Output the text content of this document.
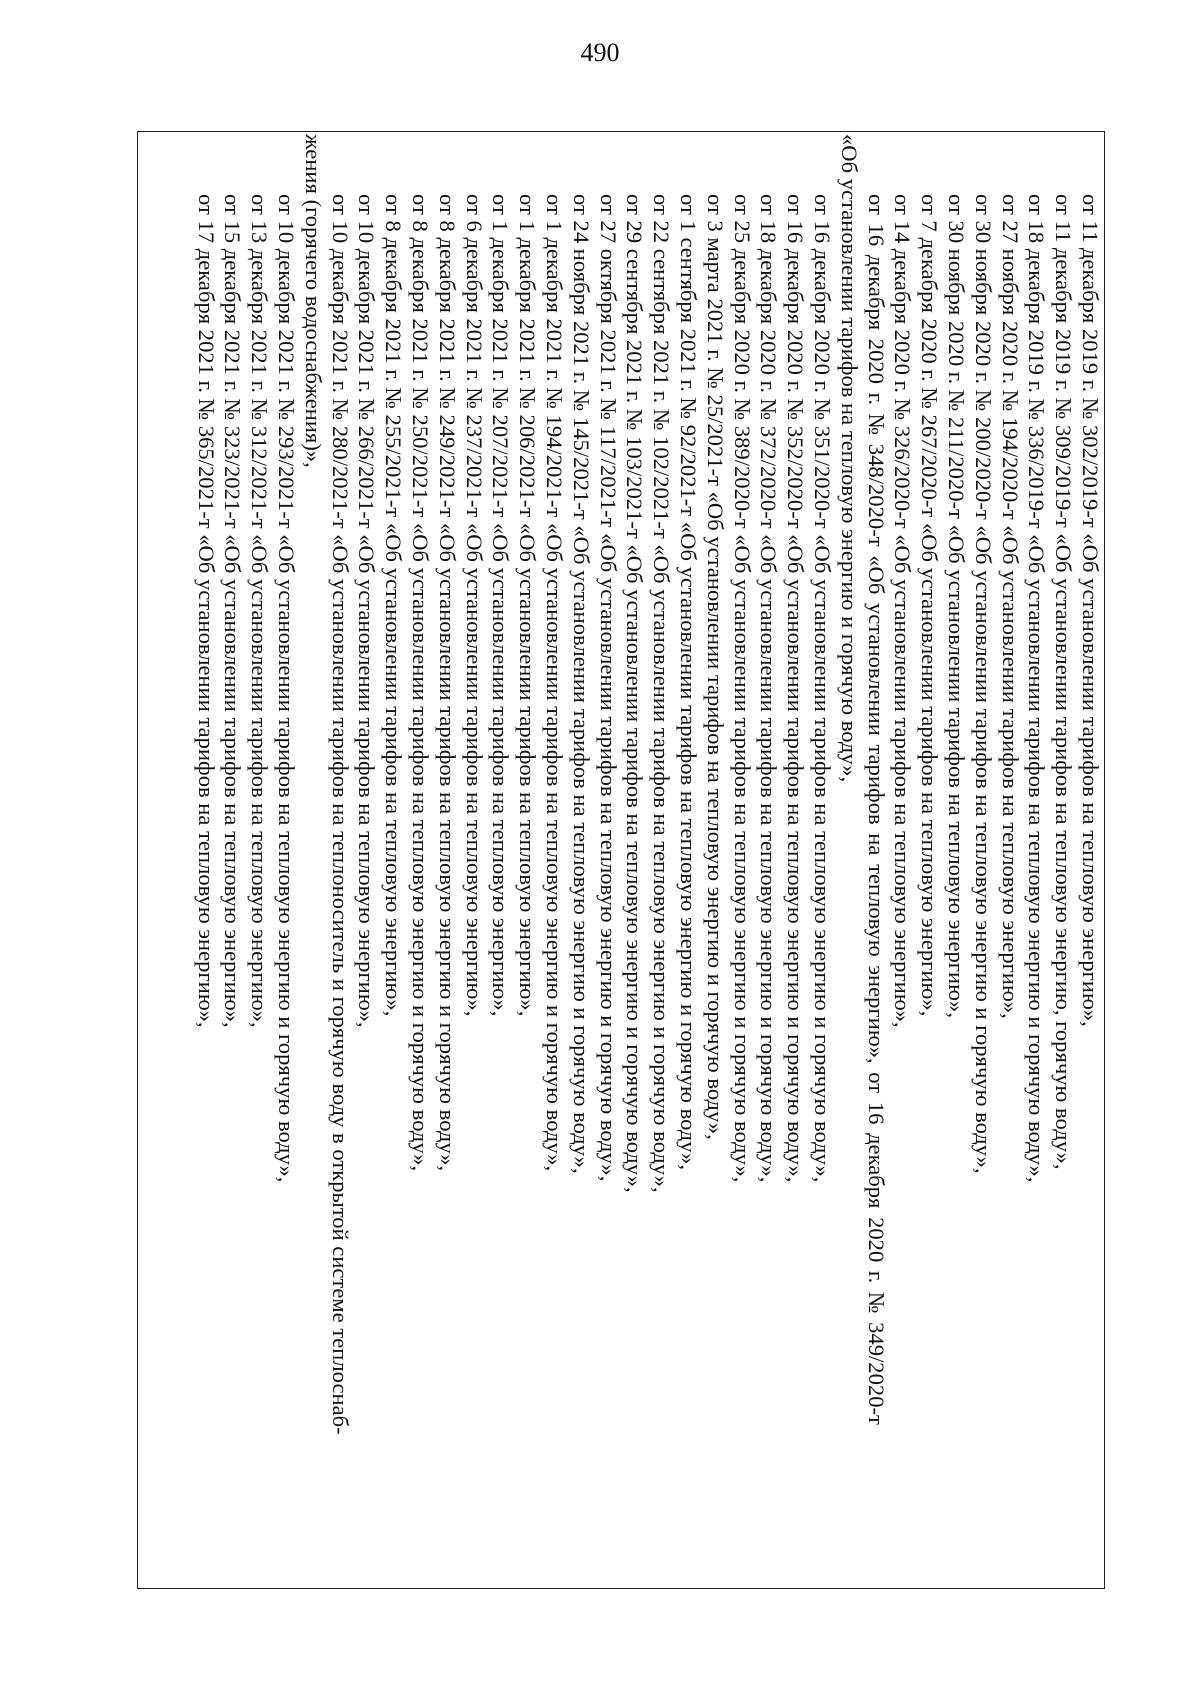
490
от 11 декабря 2019 г. № 302/2019-т «Об установлении тарифов на тепловую энергию»,
от 11 декабря 2019 г. № 309/2019-т «Об установлении тарифов на тепловую энергию, горячую воду»,
от 18 декабря 2019 г. № 336/2019-т «Об установлении тарифов на тепловую энергию и горячую воду»,
от 27 ноября 2020 г. № 194/2020-т «Об установлении тарифов на тепловую энергию»,
от 30 ноября 2020 г. № 200/2020-т «Об установлении тарифов на тепловую энергию и горячую воду»,
от 30 ноября 2020 г. № 211/2020-т «Об установлении тарифов на тепловую энергию»,
от 7 декабря 2020 г. № 267/2020-т «Об установлении тарифов на тепловую энергию»,
от 14 декабря 2020 г. № 326/2020-т «Об установлении тарифов на тепловую энергию»,
от 16 декабря 2020 г. № 348/2020-т «Об установлении тарифов на тепловую энергию», от 16 декабря 2020 г. № 349/2020-т
«Об установлении тарифов на тепловую энергию и горячую воду»,
от 16 декабря 2020 г. № 351/2020-т «Об установлении тарифов на тепловую энергию и горячую воду»,
от 16 декабря 2020 г. № 352/2020-т «Об установлении тарифов на тепловую энергию и горячую воду»,
от 18 декабря 2020 г. № 372/2020-т «Об установлении тарифов на тепловую энергию и горячую воду»,
от 25 декабря 2020 г. № 389/2020-т «Об установлении тарифов на тепловую энергию и горячую воду»,
от 3 марта 2021 г. № 25/2021-т «Об установлении тарифов на тепловую энергию и горячую воду»,
от 1 сентября 2021 г. № 92/2021-т «Об установлении тарифов на тепловую энергию и горячую воду»,
от 22 сентября 2021 г. № 102/2021-т «Об установлении тарифов на тепловую энергию и горячую воду»,
от 29 сентября 2021 г. № 103/2021-т «Об установлении тарифов на тепловую энергию и горячую воду»,
от 27 октября 2021 г. № 117/2021-т «Об установлении тарифов на тепловую энергию и горячую воду»,
от 24 ноября 2021 г. № 145/2021-т «Об установлении тарифов на тепловую энергию и горячую воду»,
от 1 декабря 2021 г. № 194/2021-т «Об установлении тарифов на тепловую энергию и горячую воду»,
от 1 декабря 2021 г. № 206/2021-т «Об установлении тарифов на тепловую энергию»,
от 1 декабря 2021 г. № 207/2021-т «Об установлении тарифов на тепловую энергию»,
от 6 декабря 2021 г. № 237/2021-т «Об установлении тарифов на тепловую энергию»,
от 8 декабря 2021 г. № 249/2021-т «Об установлении тарифов на тепловую энергию и горячую воду»,
от 8 декабря 2021 г. № 250/2021-т «Об установлении тарифов на тепловую энергию и горячую воду»,
от 8 декабря 2021 г. № 255/2021-т «Об установлении тарифов на тепловую энергию»,
от 10 декабря 2021 г. № 266/2021-т «Об установлении тарифов на тепловую энергию»,
от 10 декабря 2021 г. № 280/2021-т «Об установлении тарифов на теплоноситель и горячую воду в открытой системе теплоснаб-
жения (горячего водоснабжения)»,
от 10 декабря 2021 г. № 293/2021-т «Об установлении тарифов на тепловую энергию и горячую воду»,
от 13 декабря 2021 г. № 312/2021-т «Об установлении тарифов на тепловую энергию»,
от 15 декабря 2021 г. № 323/2021-т «Об установлении тарифов на тепловую энергию»,
от 17 декабря 2021 г. № 365/2021-т «Об установлении тарифов на тепловую энергию»,
